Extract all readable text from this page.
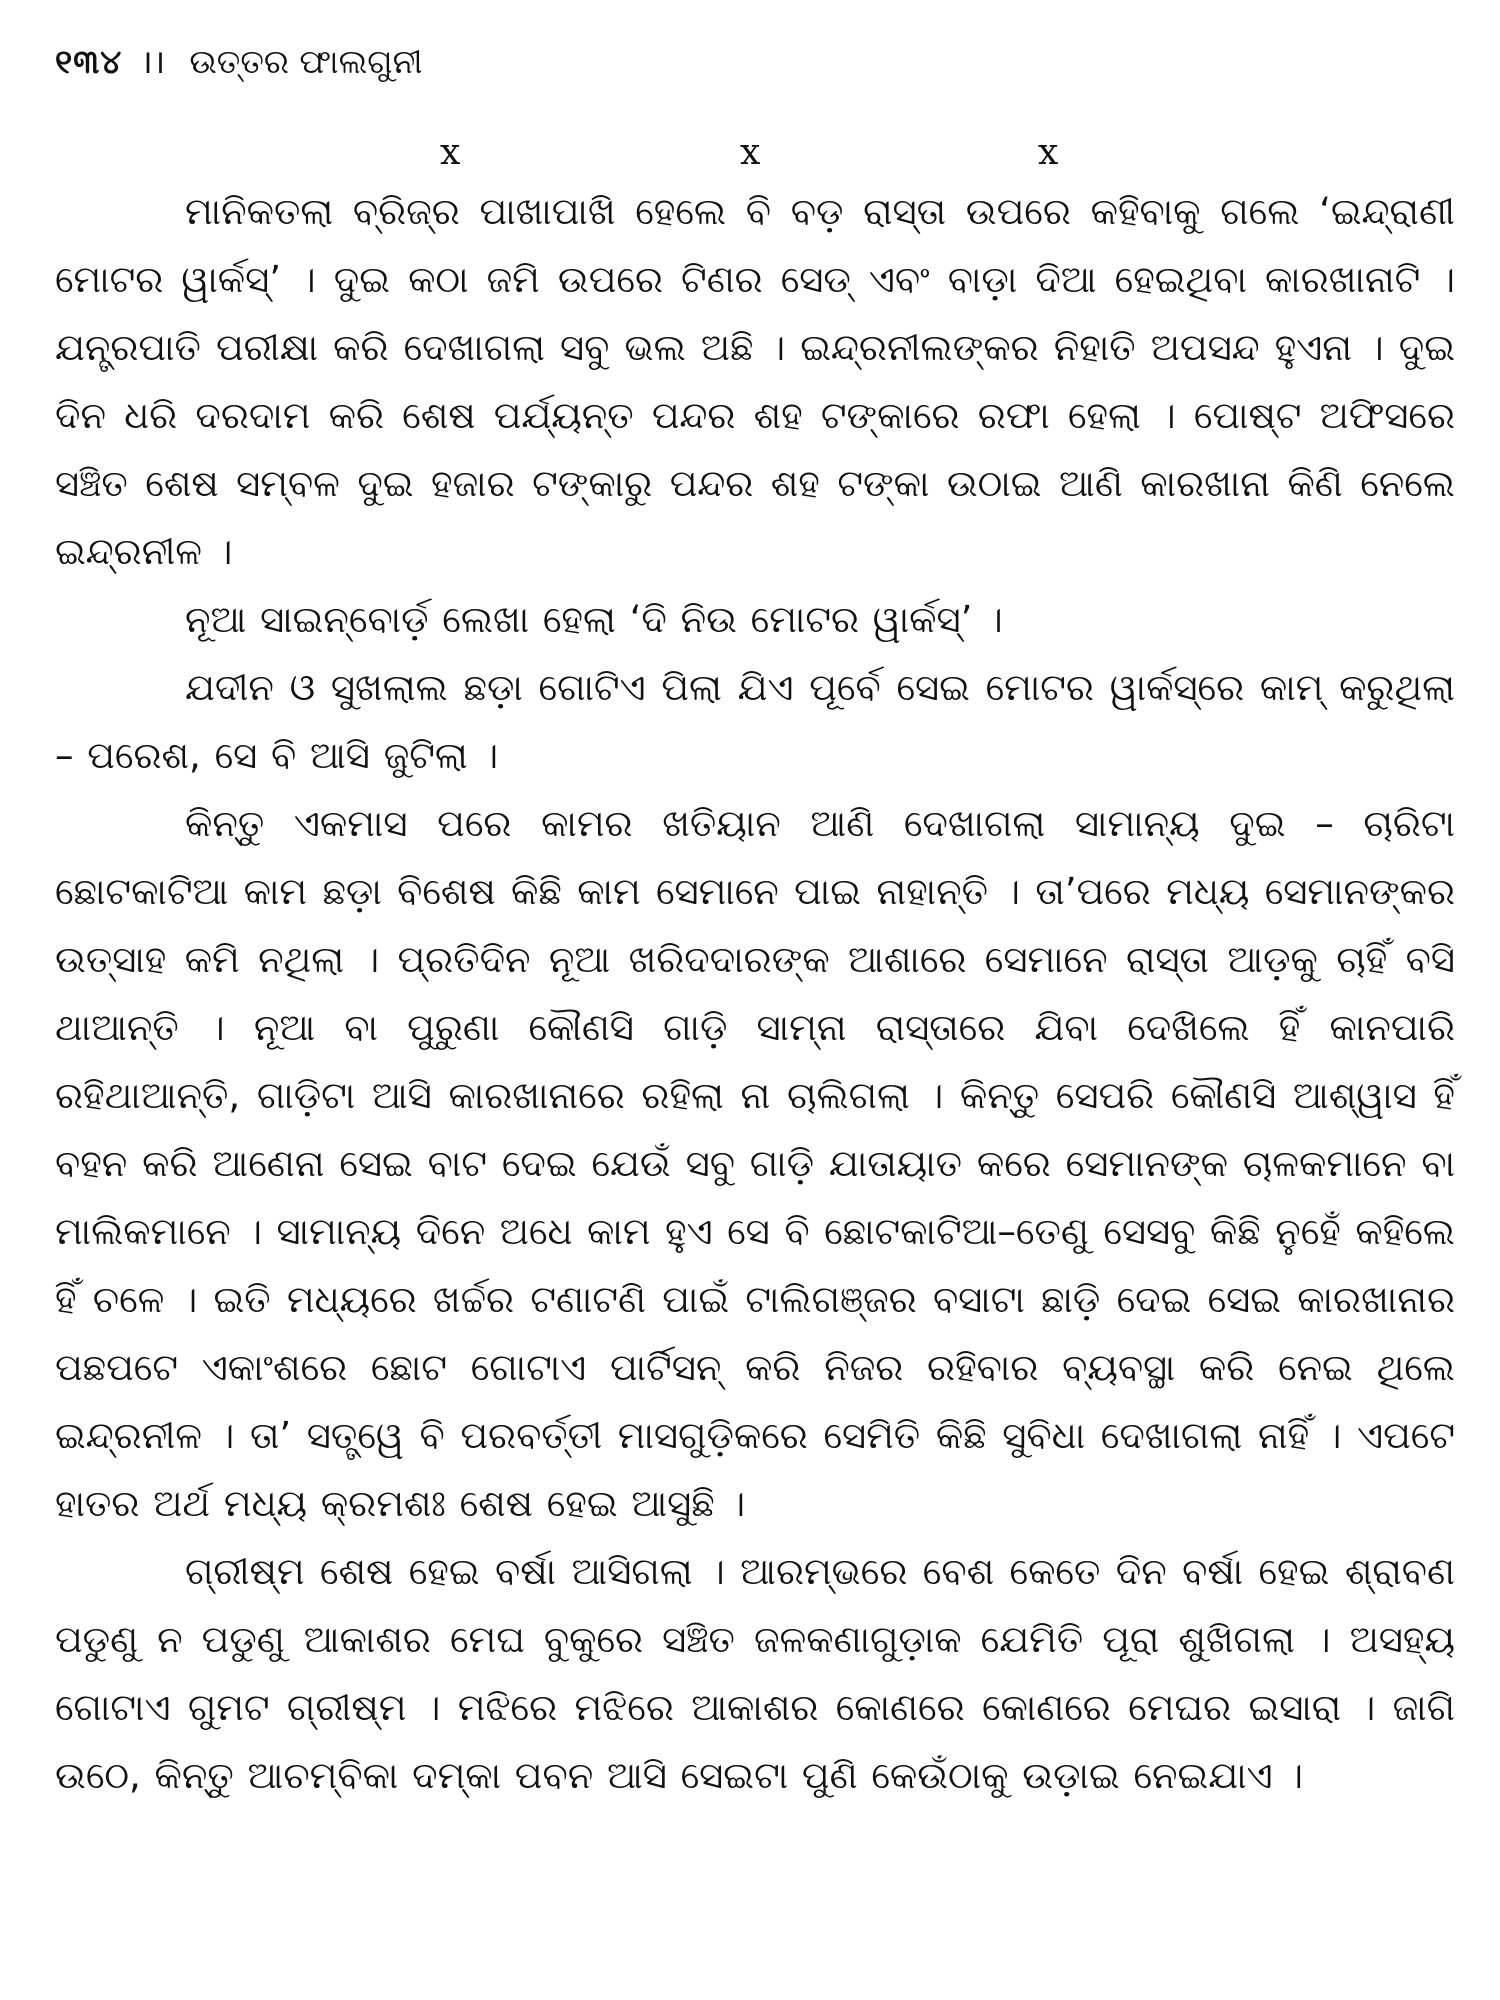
୧୩୪ ।। ଉତ୍ତର ଫାଲଗୁନୀ
x	x	x

ମାନିକତଲା ବ୍ରିଜ୍‌ର ପାଖାପାଖି ହେଲେ ବି ବଡ଼ ରାସ୍ତା ଉପରେ କହିବାକୁ ଗଲେ ‘ଇନ୍ଦ୍ରାଣୀ ମୋଟର ୱାର୍କସ୍’ । ଦୁଇ କଠା ଜମି ଉପରେ ଟିଣର ସେଡ୍ ଏବଂ ବାଡ଼ା ଦିଆ ହେଇଥିବା କାରଖାନାଟି । ଯନ୍ତ୍ରପାତି ପରୀକ୍ଷା କରି ଦେଖାଗଲା ସବୁ ଭଲ ଅଛି । ଇନ୍ଦ୍ରନୀଲଙ୍କର ନିହାତି ଅପସନ୍ଦ ହୁଏନା । ଦୁଇ ଦିନ ଧରି ଦରଦାମ କରି ଶେଷ ପର୍ଯ୍ୟନ୍ତ ପନ୍ଦର ଶହ ଟଙ୍କାରେ ରଫା ହେଲା । ପୋଷ୍ଟ ଅଫିସରେ ସଞ୍ଚିତ ଶେଷ ସମ୍ବଳ ଦୁଇ ହଜାର ଟଙ୍କାରୁ ପନ୍ଦର ଶହ ଟଙ୍କା ଉଠାଇ ଆଣି କାରଖାନା କିଣି ନେଲେ ଇନ୍ଦ୍ରନୀଳ ।

ନୂଆ ସାଇନ୍‌ବୋର୍ଡ଼ ଲେଖା ହେଲା ‘ଦି ନିଉ ମୋଟର ୱାର୍କସ୍’ ।

ଯଦୀନ ଓ ସୁଖଲାଲ ଛଡ଼ା ଗୋଟିଏ ପିଲା ଯିଏ ପୂର୍ବେ ସେଇ ମୋଟର ୱାର୍କସ୍‌ରେ କାମ୍ କରୁଥିଲା – ପରେଶ, ସେ ବି ଆସି ଜୁଟିଲା ।

କିନ୍ତୁ ଏକମାସ ପରେ କାମର ଖତିୟାନ ଆଣି ଦେଖାଗଲା ସାମାନ୍ୟ ଦୁଇ – ଚାରିଟା ଛୋଟକାଟିଆ କାମ ଛଡ଼ା ବିଶେଷ କିଛି କାମ ସେମାନେ ପାଇ ନାହାନ୍ତି । ତା’ପରେ ମଧ୍ୟ ସେମାନଙ୍କର ଉତ୍ସାହ କମି ନଥିଲା । ପ୍ରତିଦିନ ନୂଆ ଖରିଦଦାରଙ୍କ ଆଶାରେ ସେମାନେ ରାସ୍ତା ଆଡ଼କୁ ଚାହିଁ ବସି ଥାଆନ୍ତି । ନୂଆ ବା ପୁରୁଣା କୌଣସି ଗାଡ଼ି ସାମ୍ନା ରାସ୍ତାରେ ଯିବା ଦେଖିଲେ ହିଁ କାନପାରି ରହିଥାଆନ୍ତି, ଗାଡ଼ିଟା ଆସି କାରଖାନାରେ ରହିଲା ନା ଚାଲିଗଲା । କିନ୍ତୁ ସେପରି କୌଣସି ଆଶ୍ୱାସ ହିଁ ବହନ କରି ଆଣେନା ସେଇ ବାଟ ଦେଇ ଯେଉଁ ସବୁ ଗାଡ଼ି ଯାତାୟାତ କରେ ସେମାନଙ୍କ ଚାଳକମାନେ ବା ମାଲିକମାନେ । ସାମାନ୍ୟ ଦିନେ ଅଧେ କାମ ହୁଏ ସେ ବି ଛୋଟକାଟିଆ–ତେଣୁ ସେସବୁ କିଛି ନୁହେଁ କହିଲେ ହିଁ ଚଳେ । ଇତି ମଧ୍ୟରେ ଖର୍ଚ୍ଚର ଟଣାଟଣି ପାଇଁ ଟାଲିଗଞ୍ଜର ବସାଟା ଛାଡ଼ି ଦେଇ ସେଇ କାରଖାନାର ପଛପଟେ ଏକାଂଶରେ ଛୋଟ ଗୋଟାଏ ପାର୍ଟିସନ୍ କରି ନିଜର ରହିବାର ବ୍ୟବସ୍ଥା କରି ନେଇ ଥିଲେ ଇନ୍ଦ୍ରନୀଳ । ତା’ ସତ୍ତ୍ୱେ ବି ପରବର୍ତ୍ତୀ ମାସଗୁଡ଼ିକରେ ସେମିତି କିଛି ସୁବିଧା ଦେଖାଗଲା ନାହିଁ । ଏପଟେ ହାତର ଅର୍ଥ ମଧ୍ୟ କ୍ରମଶଃ ଶେଷ ହେଇ ଆସୁଛି ।

ଗ୍ରୀଷ୍ମ ଶେଷ ହେଇ ବର୍ଷା ଆସିଗଲା । ଆରମ୍ଭରେ ବେଶ କେତେ ଦିନ ବର୍ଷା ହେଇ ଶ୍ରାବଣ ପଡୁଣୁ ନ ପଡୁଣୁ ଆକାଶର ମେଘ ବୁକୁରେ ସଞ୍ଚିତ ଜଳକଣାଗୁଡ଼ାକ ଯେମିତି ପୂରା ଶୁଖିଗଲା । ଅସହ୍ୟ ଗୋଟାଏ ଗୁମଟ ଗ୍ରୀଷ୍ମ । ମଝିରେ ମଝିରେ ଆକାଶର କୋଣରେ କୋଣରେ ମେଘର ଇସାରା । ଜାଗି ଉଠେ, କିନ୍ତୁ ଆଚମ୍ବିକା ଦମ୍କା ପବନ ଆସି ସେଇଟା ପୁଣି କେଉଁଠାକୁ ଉଡ଼ାଇ ନେଇଯାଏ ।
